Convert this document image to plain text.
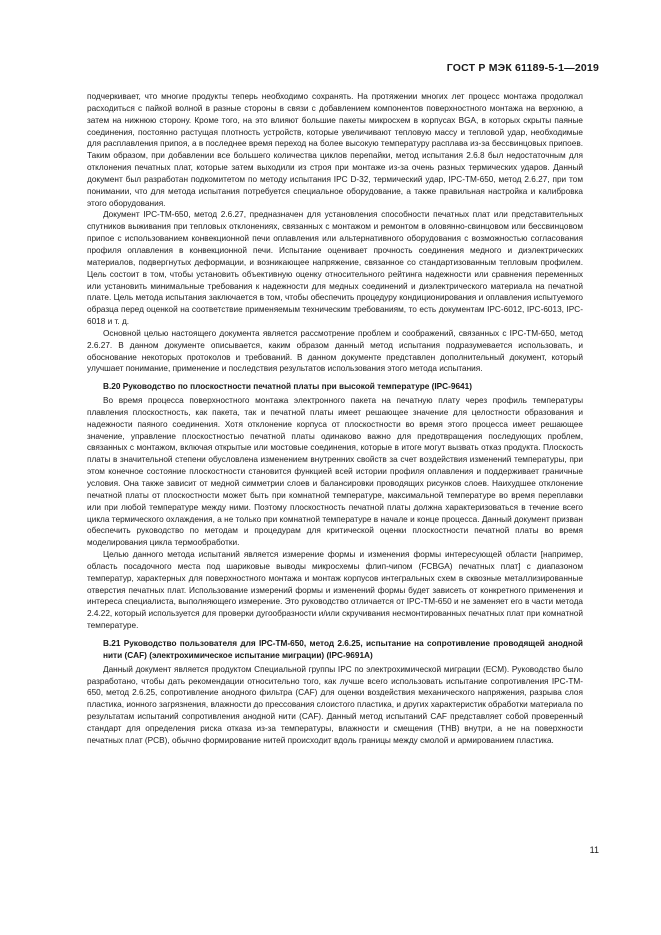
ГОСТ Р МЭК 61189-5-1—2019

подчеркивает, что многие продукты теперь необходимо сохранять. На протяжении многих лет процесс монтажа продолжал расходиться с пайкой волной в разные стороны в связи с добавлением компонентов поверхностного монтажа на верхнюю, а затем на нижнюю сторону. Кроме того, на это влияют большие пакеты микросхем в корпусах BGA, в которых скрыты паяные соединения, постоянно растущая плотность устройств, которые увеличивают тепловую массу и тепловой удар, необходимые для расплавления припоя, а в последнее время переход на более высокую температуру расплава из-за бессвинцовых припоев. Таким образом, при добавлении все большего количества циклов перепайки, метод испытания 2.6.8 был недостаточным для отклонения печатных плат, которые затем выходили из строя при монтаже из-за очень разных термических ударов. Данный документ был разработан подкомитетом по методу испытания IPC D-32, термический удар, IPC-TM-650, метод 2.6.27, при том понимании, что для метода испытания потребуется специальное оборудование, а также правильная настройка и калибровка этого оборудования.

Документ IPC-TM-650, метод 2.6.27, предназначен для установления способности печатных плат или представительных спутников выживания при тепловых отклонениях, связанных с монтажом и ремонтом в оловянно-свинцовом или бессвинцовом припое с использованием конвекционной печи оплавления или альтернативного оборудования с возможностью согласования профиля оплавления в конвекционной печи. Испытание оценивает прочность соединения медного и диэлектрических материалов, подвергнутых деформации, и возникающее напряжение, связанное со стандартизованным тепловым профилем. Цель состоит в том, чтобы установить объективную оценку относительного рейтинга надежности или сравнения переменных или установить минимальные требования к надежности для медных соединений и диэлектрического материала на печатной плате. Цель метода испытания заключается в том, чтобы обеспечить процедуру кондиционирования и оплавления испытуемого образца перед оценкой на соответствие применяемым техническим требованиям, то есть документам IPC-6012, IPC-6013, IPC-6018 и т. д.

Основной целью настоящего документа является рассмотрение проблем и соображений, связанных с IPC-TM-650, метод 2.6.27. В данном документе описывается, каким образом данный метод испытания подразумевается использовать, и обоснование некоторых протоколов и требований. В данном документе представлен дополнительный документ, который улучшает понимание, применение и последствия результатов использования этого метода испытания.

В.20 Руководство по плоскостности печатной платы при высокой температуре (IPC-9641)

Во время процесса поверхностного монтажа электронного пакета на печатную плату через профиль температуры плавления плоскостность, как пакета, так и печатной платы имеет решающее значение для целостности образования и надежности паяного соединения. Хотя отклонение корпуса от плоскостности во время этого процесса имеет решающее значение, управление плоскостностью печатной платы одинаково важно для предотвращения последующих проблем, связанных с монтажом, включая открытые или мостовые соединения, которые в итоге могут вызвать отказ продукта. Плоскость платы в значительной степени обусловлена изменением внутренних свойств за счет воздействия изменений температуры, при этом конечное состояние плоскостности становится функцией всей истории профиля оплавления и поддерживает граничные условия. Она также зависит от медной симметрии слоев и балансировки проводящих рисунков слоев. Наихудшее отклонение печатной платы от плоскостности может быть при комнатной температуре, максимальной температуре во время переплавки или при любой температуре между ними. Поэтому плоскостность печатной платы должна характеризоваться в течение всего цикла термического охлаждения, а не только при комнатной температуре в начале и конце процесса. Данный документ призван обеспечить руководство по методам и процедурам для критической оценки плоскостности печатной платы во время моделирования цикла термообработки.

Целью данного метода испытаний является измерение формы и изменения формы интересующей области [например, область посадочного места под шариковые выводы микросхемы флип-чипом (FCBGA) печатных плат] с диапазоном температур, характерных для поверхностного монтажа и монтаж корпусов интегральных схем в сквозные металлизированные отверстия печатных плат. Использование измерений формы и изменений формы будет зависеть от конкретного применения и интереса специалиста, выполняющего измерение. Это руководство отличается от IPC-TM-650 и не заменяет его в части метода 2.4.22, который используется для проверки дугообразности и/или скручивания несмонтированных печатных плат при комнатной температуре.

В.21 Руководство пользователя для IPC-TM-650, метод 2.6.25, испытание на сопротивление проводящей анодной нити (CAF) (электрохимическое испытание миграции) (IPC-9691A)

Данный документ является продуктом Специальной группы IPC по электрохимической миграции (ECM). Руководство было разработано, чтобы дать рекомендации относительно того, как лучше всего использовать испытание сопротивления IPC-TM-650, метод 2.6.25, сопротивление анодного фильтра (CAF) для оценки воздействия механического напряжения, разрыва слоя пластика, ионного загрязнения, влажности до прессования слоистого пластика, и других характеристик обработки материала по результатам испытаний сопротивления анодной нити (CAF). Данный метод испытаний CAF представляет собой проверенный стандарт для определения риска отказа из-за температуры, влажности и смещения (THB) внутри, а не на поверхности печатных плат (PCB), обычно формирование нитей происходит вдоль границы между смолой и армированием пластика.

11
